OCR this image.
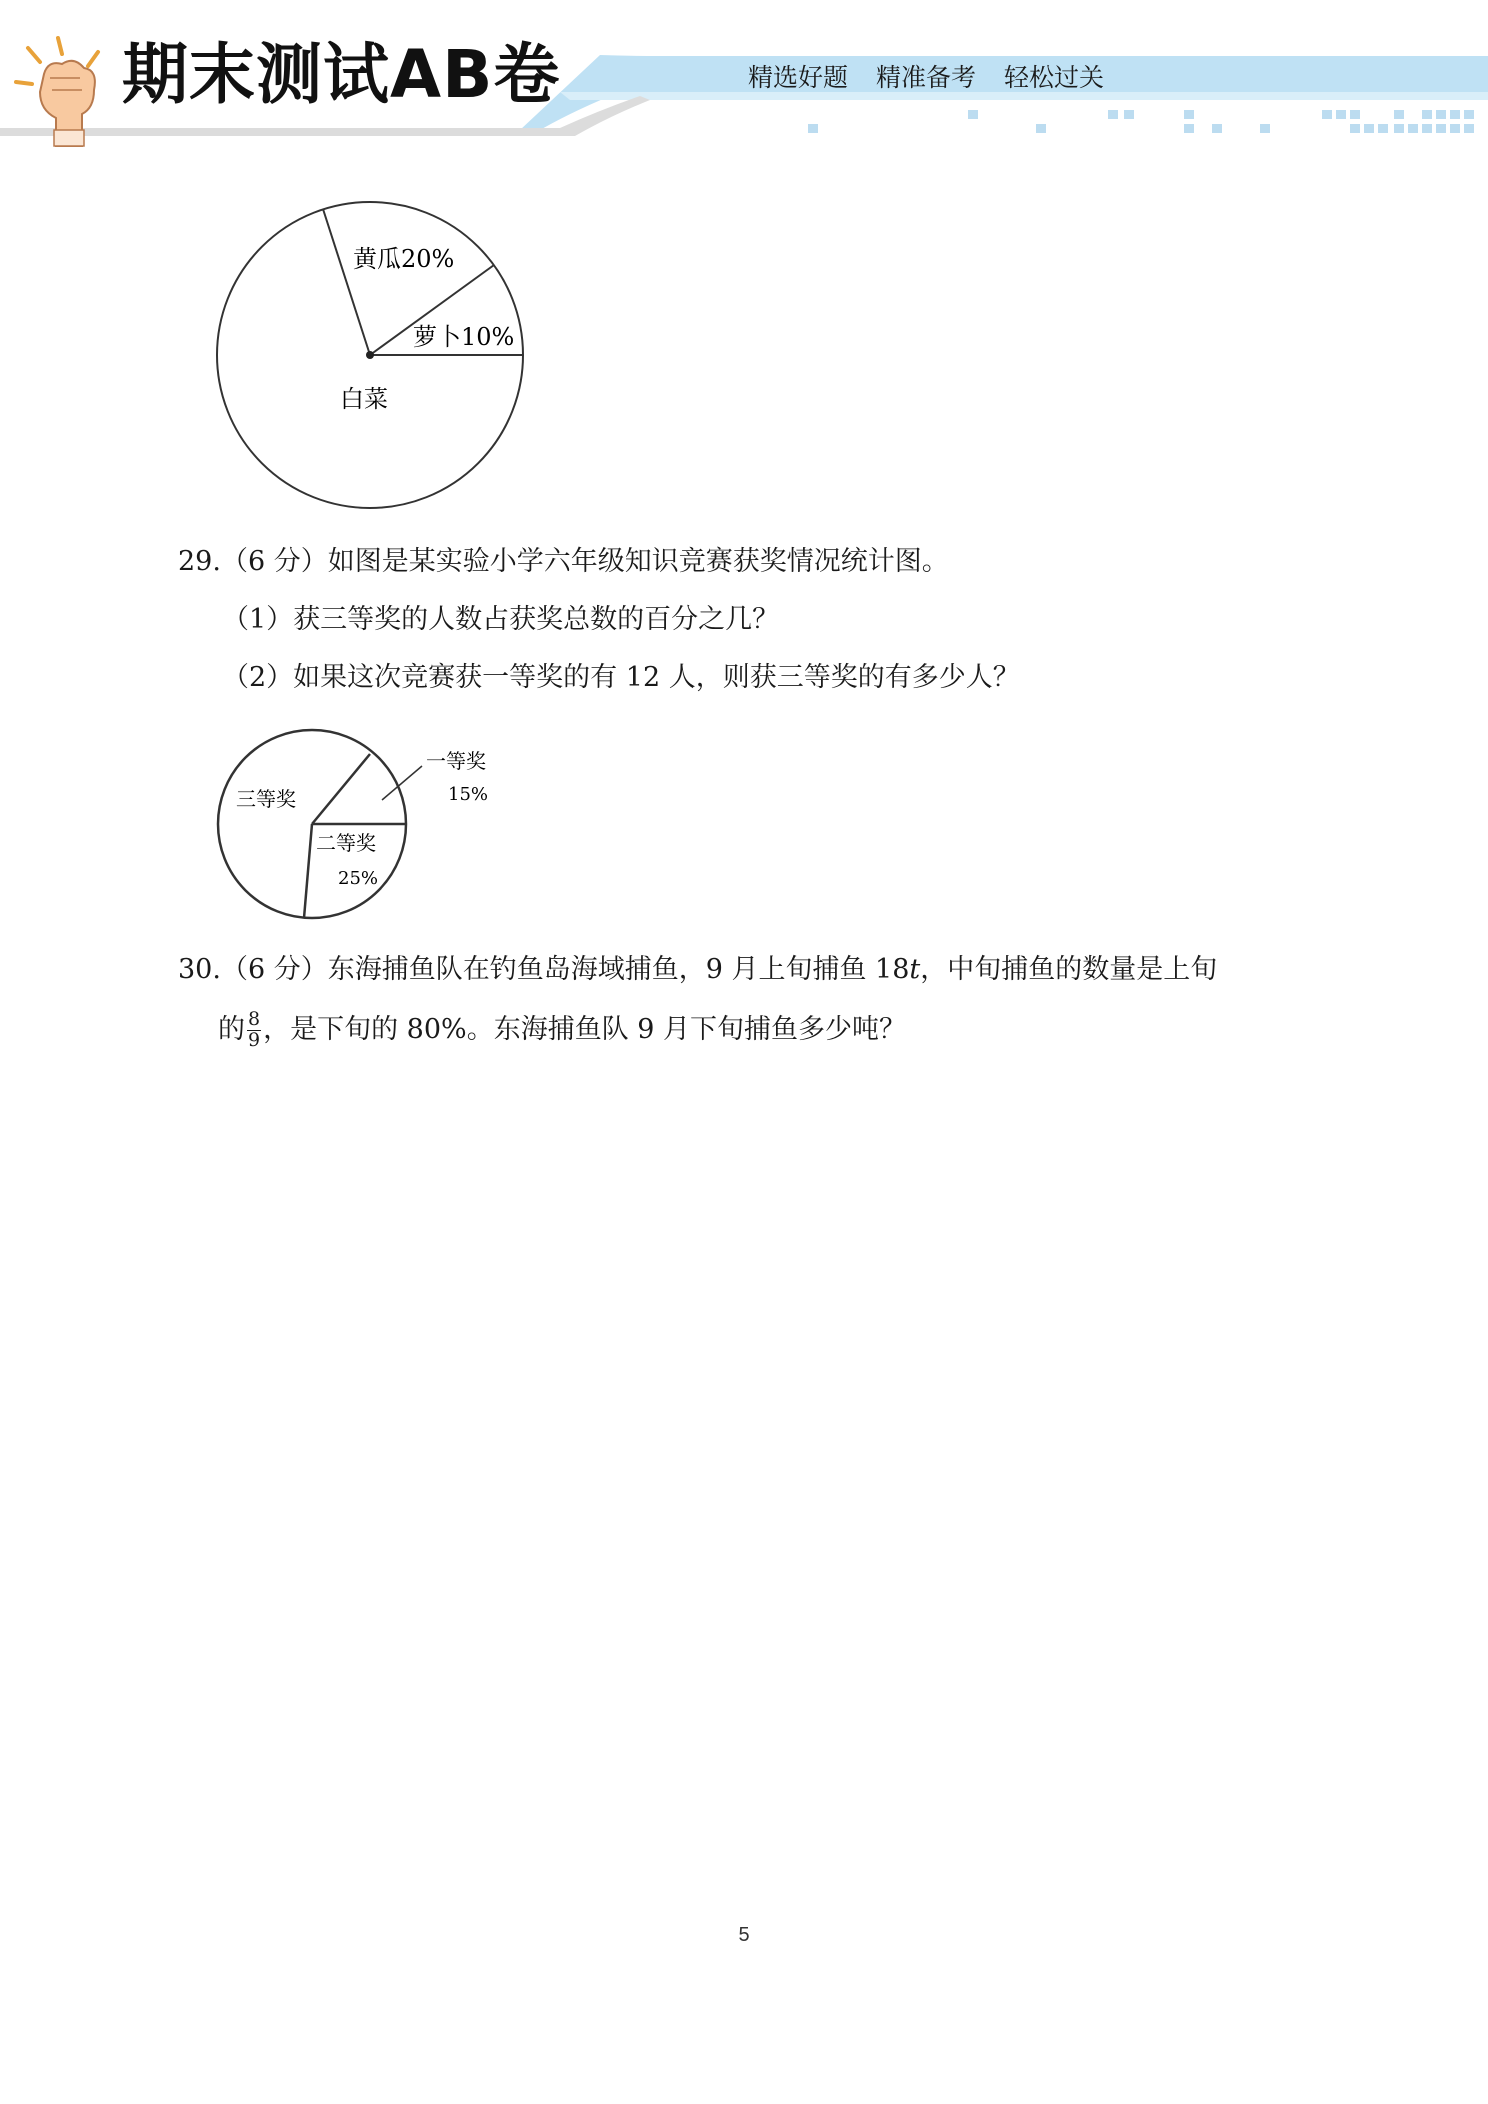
期末测试AB卷	精选好题 精准备考 轻松过关
黄瓜20%
萝卜10%
白菜
29.（6 分）如图是某实验小学六年级知识竞赛获奖情况统计图。
（1）获三等奖的人数占获奖总数的百分之几？
（2）如果这次竞赛获一等奖的有 12 人，则获三等奖的有多少人？
三等奖
一等奖
15%
二等奖
25%
30.（6 分）东海捕鱼队在钓鱼岛海域捕鱼，9 月上旬捕鱼 18t，中旬捕鱼的数量是上旬
的 $\frac{8}{9}$ ，是下旬的 80%。东海捕鱼队 9 月下旬捕鱼多少吨？
5
